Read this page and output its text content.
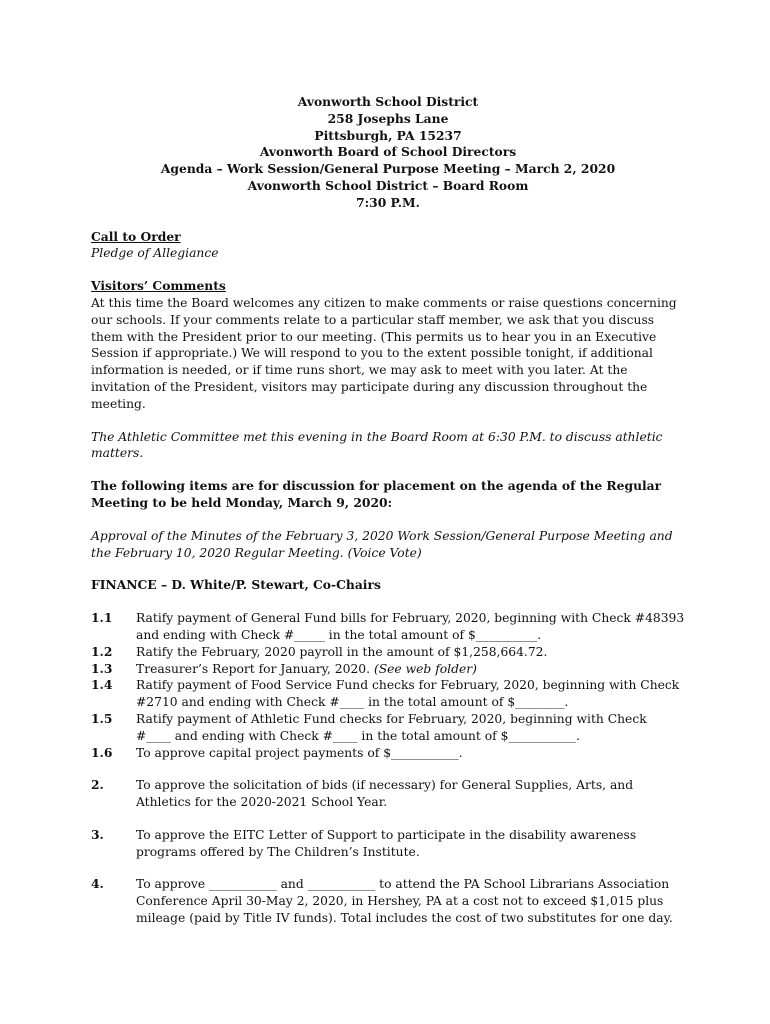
Avonworth School District
258 Josephs Lane
Pittsburgh, PA 15237
Avonworth Board of School Directors
Agenda – Work Session/General Purpose Meeting – March 2, 2020
Avonworth School District – Board Room
7:30 P.M.
Call to Order
Pledge of Allegiance
Visitors’ Comments

At this time the Board welcomes any citizen to make comments or raise questions concerning our schools. If your comments relate to a particular staff member, we ask that you discuss them with the President prior to our meeting. (This permits us to hear you in an Executive Session if appropriate.) We will respond to you to the extent possible tonight, if additional information is needed, or if time runs short, we may ask to meet with you later. At the invitation of the President, visitors may participate during any discussion throughout the meeting.

The Athletic Committee met this evening in the Board Room at 6:30 P.M. to discuss athletic matters.

The following items are for discussion for placement on the agenda of the Regular Meeting to be held Monday, March 9, 2020:

Approval of the Minutes of the February 3, 2020 Work Session/General Purpose Meeting and the February 10, 2020 Regular Meeting. (Voice Vote)

FINANCE – D. White/P. Stewart, Co-Chairs
1.1	Ratify payment of General Fund bills for February, 2020, beginning with Check #48393 and ending with Check #_____ in the total amount of $__________.
1.2	Ratify the February, 2020 payroll in the amount of $1,258,664.72.
1.3	Treasurer’s Report for January, 2020. (See web folder)
1.4	Ratify payment of Food Service Fund checks for February, 2020, beginning with Check #2710 and ending with Check #____ in the total amount of $________.
1.5	Ratify payment of Athletic Fund checks for February, 2020, beginning with Check #____ and ending with Check #____ in the total amount of $___________.
1.6	To approve capital project payments of $___________.
2.	To approve the solicitation of bids (if necessary) for General Supplies, Arts, and Athletics for the 2020-2021 School Year.
3.	To approve the EITC Letter of Support to participate in the disability awareness programs offered by The Children’s Institute.
4.	To approve ___________ and ___________ to attend the PA School Librarians Association Conference April 30-May 2, 2020, in Hershey, PA at a cost not to exceed $1,015 plus mileage (paid by Title IV funds). Total includes the cost of two substitutes for one day.
